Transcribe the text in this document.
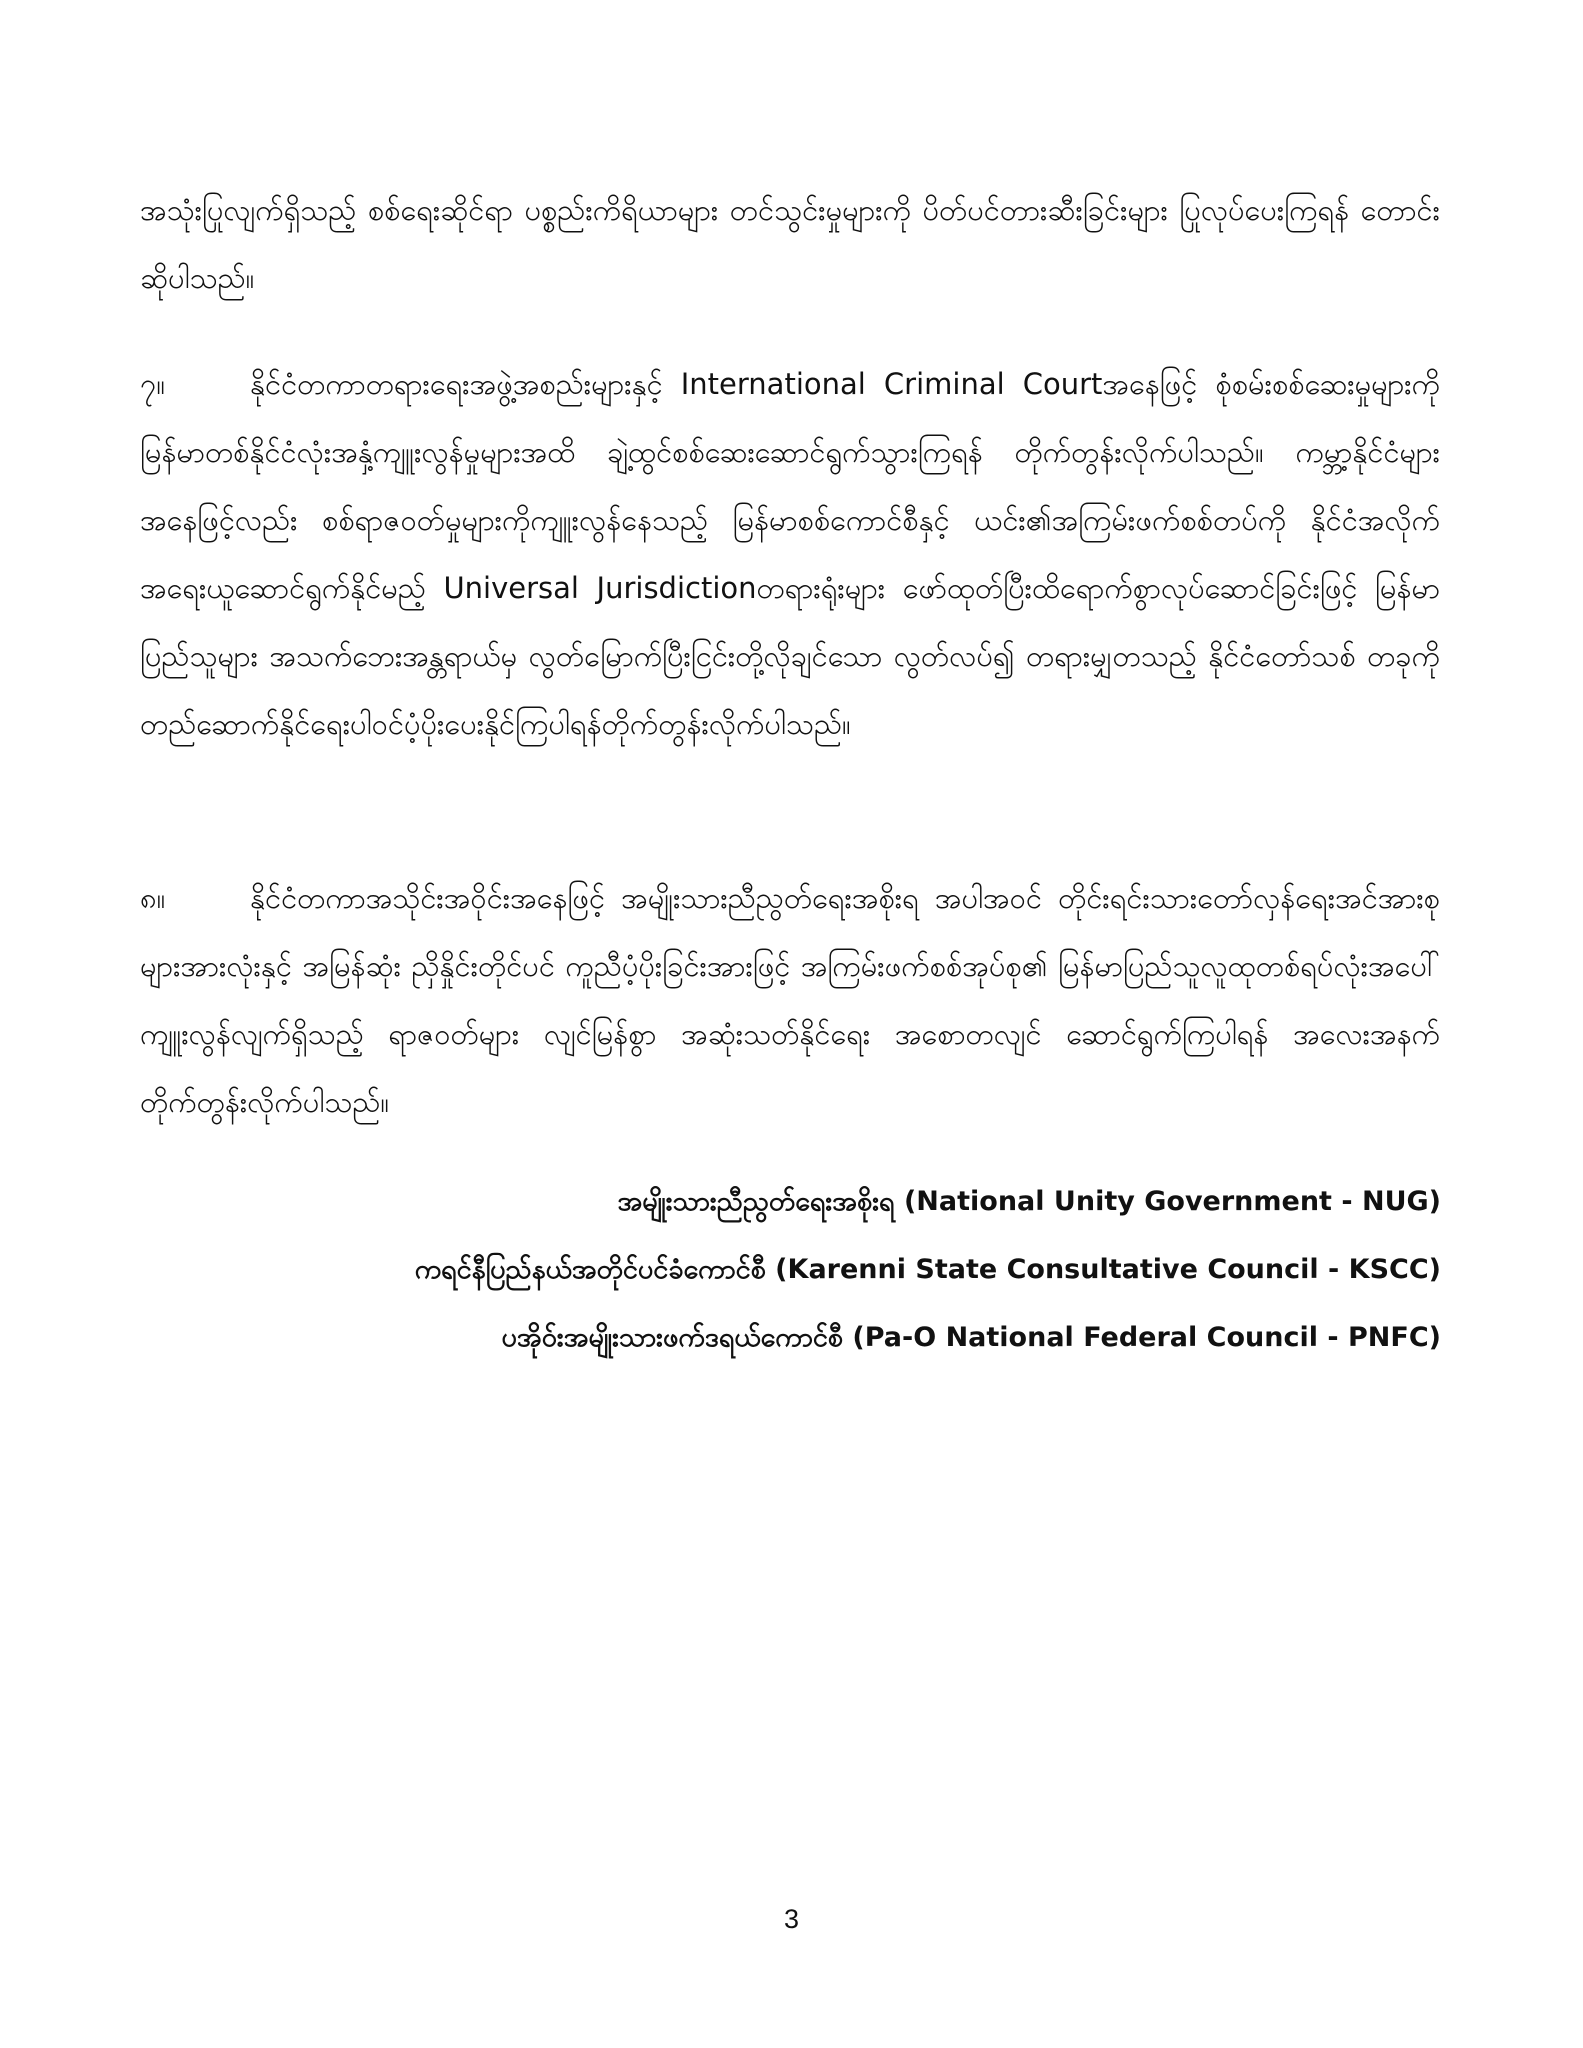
အသုံးပြုလျက်ရှိသည့် စစ်ရေးဆိုင်ရာ ပစ္စည်းကိရိယာများ တင်သွင်းမှုများကို ပိတ်ပင်တားဆီးခြင်းများ ပြုလုပ်ပေးကြရန် တောင်းဆိုပါသည်။

၇။	နိုင်ငံတကာတရားရေးအဖွဲ့အစည်းများနှင့် International Criminal Courtအနေဖြင့် စုံစမ်းစစ်ဆေးမှုများကိုမြန်မာတစ်နိုင်ငံလုံးအနှံ့ကျူးလွန်မှုများအထိ ချဲ့ထွင်စစ်ဆေးဆောင်ရွက်သွားကြရန် တိုက်တွန်းလိုက်ပါသည်။ ကမ္ဘာ့နိုင်ငံများအနေဖြင့်လည်း စစ်ရာဇဝတ်မှုများကိုကျူးလွန်နေသည့် မြန်မာစစ်ကောင်စီနှင့် ယင်း၏အကြမ်းဖက်စစ်တပ်ကို နိုင်ငံအလိုက်အရေးယူဆောင်ရွက်နိုင်မည့် Universal Jurisdictionတရားရုံးများ ဖော်ထုတ်ပြီးထိရောက်စွာလုပ်ဆောင်ခြင်းဖြင့် မြန်မာပြည်သူများ အသက်ဘေးအန္တရာယ်မှ လွတ်မြောက်ပြီးငြင်းတို့လိုချင်သော လွတ်လပ်၍ တရားမျှတသည့် နိုင်ငံတော်သစ် တခုကိုတည်ဆောက်နိုင်ရေးပါဝင်ပံ့ပိုးပေးနိုင်ကြပါရန်တိုက်တွန်းလိုက်ပါသည်။

၈။	နိုင်ငံတကာအသိုင်းအဝိုင်းအနေဖြင့် အမျိုးသားညီညွတ်ရေးအစိုးရ အပါအဝင် တိုင်းရင်းသားတော်လှန်ရေးအင်အားစုများအားလုံးနှင့် အမြန်ဆုံး ညှိနှိုင်းတိုင်ပင် ကူညီပံ့ပိုးခြင်းအားဖြင့် အကြမ်းဖက်စစ်အုပ်စု၏ မြန်မာပြည်သူလူထုတစ်ရပ်လုံးအပေါ် ကျူးလွန်လျက်ရှိသည့် ရာဇဝတ်များ လျင်မြန်စွာ အဆုံးသတ်နိုင်ရေး အစောတလျင် ဆောင်ရွက်ကြပါရန် အလေးအနက် တိုက်တွန်းလိုက်ပါသည်။

အမျိုးသားညီညွတ်ရေးအစိုးရ (National Unity Government - NUG)
ကရင်နီပြည်နယ်အတိုင်ပင်ခံကောင်စီ (Karenni State Consultative Council - KSCC)
ပအိုဝ်းအမျိုးသားဖက်ဒရယ်ကောင်စီ (Pa-O National Federal Council - PNFC)
3
